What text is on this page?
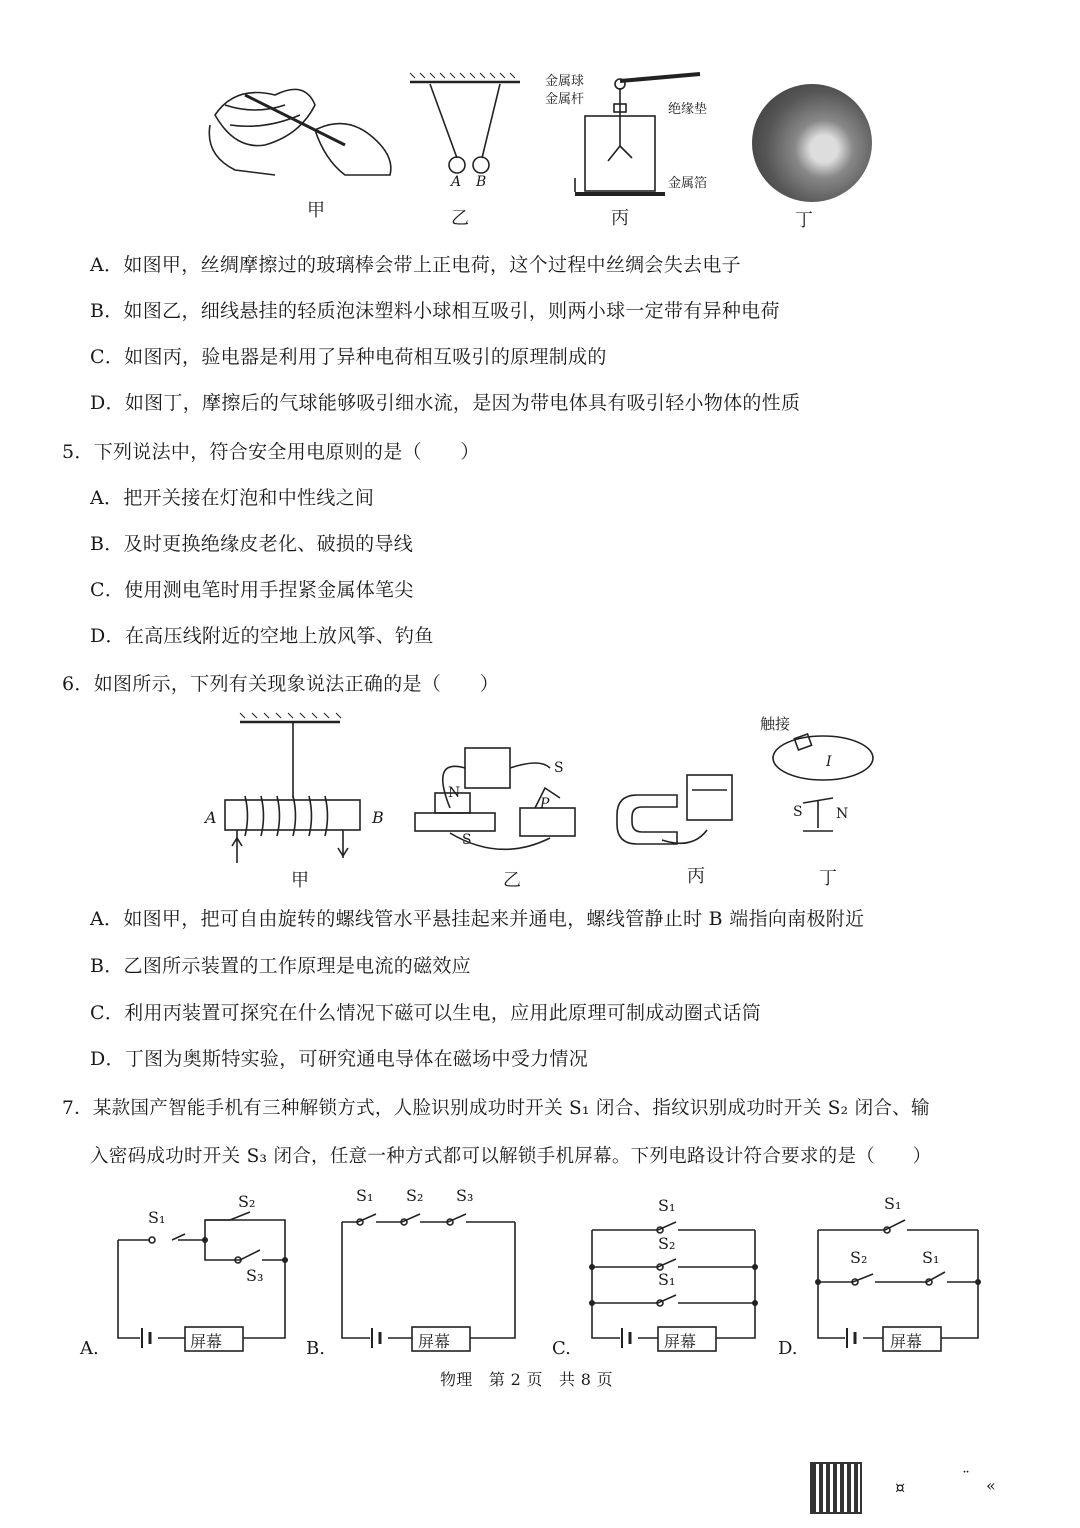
甲
A B
乙
金属球
金属杆
绝缘垫
金属箔
丙	丁
A．如图甲，丝绸摩擦过的玻璃棒会带上正电荷，这个过程中丝绸会失去电子
B．如图乙，细线悬挂的轻质泡沫塑料小球相互吸引，则两小球一定带有异种电荷
C．如图丙，验电器是利用了异种电荷相互吸引的原理制成的
D．如图丁，摩擦后的气球能够吸引细水流，是因为带电体具有吸引轻小物体的性质
5．下列说法中，符合安全用电原则的是（　　）
A．把开关接在灯泡和中性线之间
B．及时更换绝缘皮老化、破损的导线
C．使用测电笔时用手捏紧金属体笔尖
D．在高压线附近的空地上放风筝、钓鱼
6．如图所示，下列有关现象说法正确的是（　　）
A	B
甲
N
S
P
S
乙	丙
触接
I
S N
丁
A．如图甲，把可自由旋转的螺线管水平悬挂起来并通电，螺线管静止时 B 端指向南极附近
B．乙图所示装置的工作原理是电流的磁效应
C．利用丙装置可探究在什么情况下磁可以生电，应用此原理可制成动圈式话筒
D．丁图为奥斯特实验，可研究通电导体在磁场中受力情况
7．某款国产智能手机有三种解锁方式，人脸识别成功时开关 S₁ 闭合、指纹识别成功时开关 S₂ 闭合、输
入密码成功时开关 S₃ 闭合，任意一种方式都可以解锁手机屏幕。下列电路设计符合要求的是（　　）
S₁
S₂
S₃
屏幕
A.
S₁ S₂ S₃
屏幕
B.
S₁
S₂
S₁
屏幕
C.
S₁
S₂	S₁
屏幕
D.
物理　第 2 页　共 8 页
¤
¨ «
